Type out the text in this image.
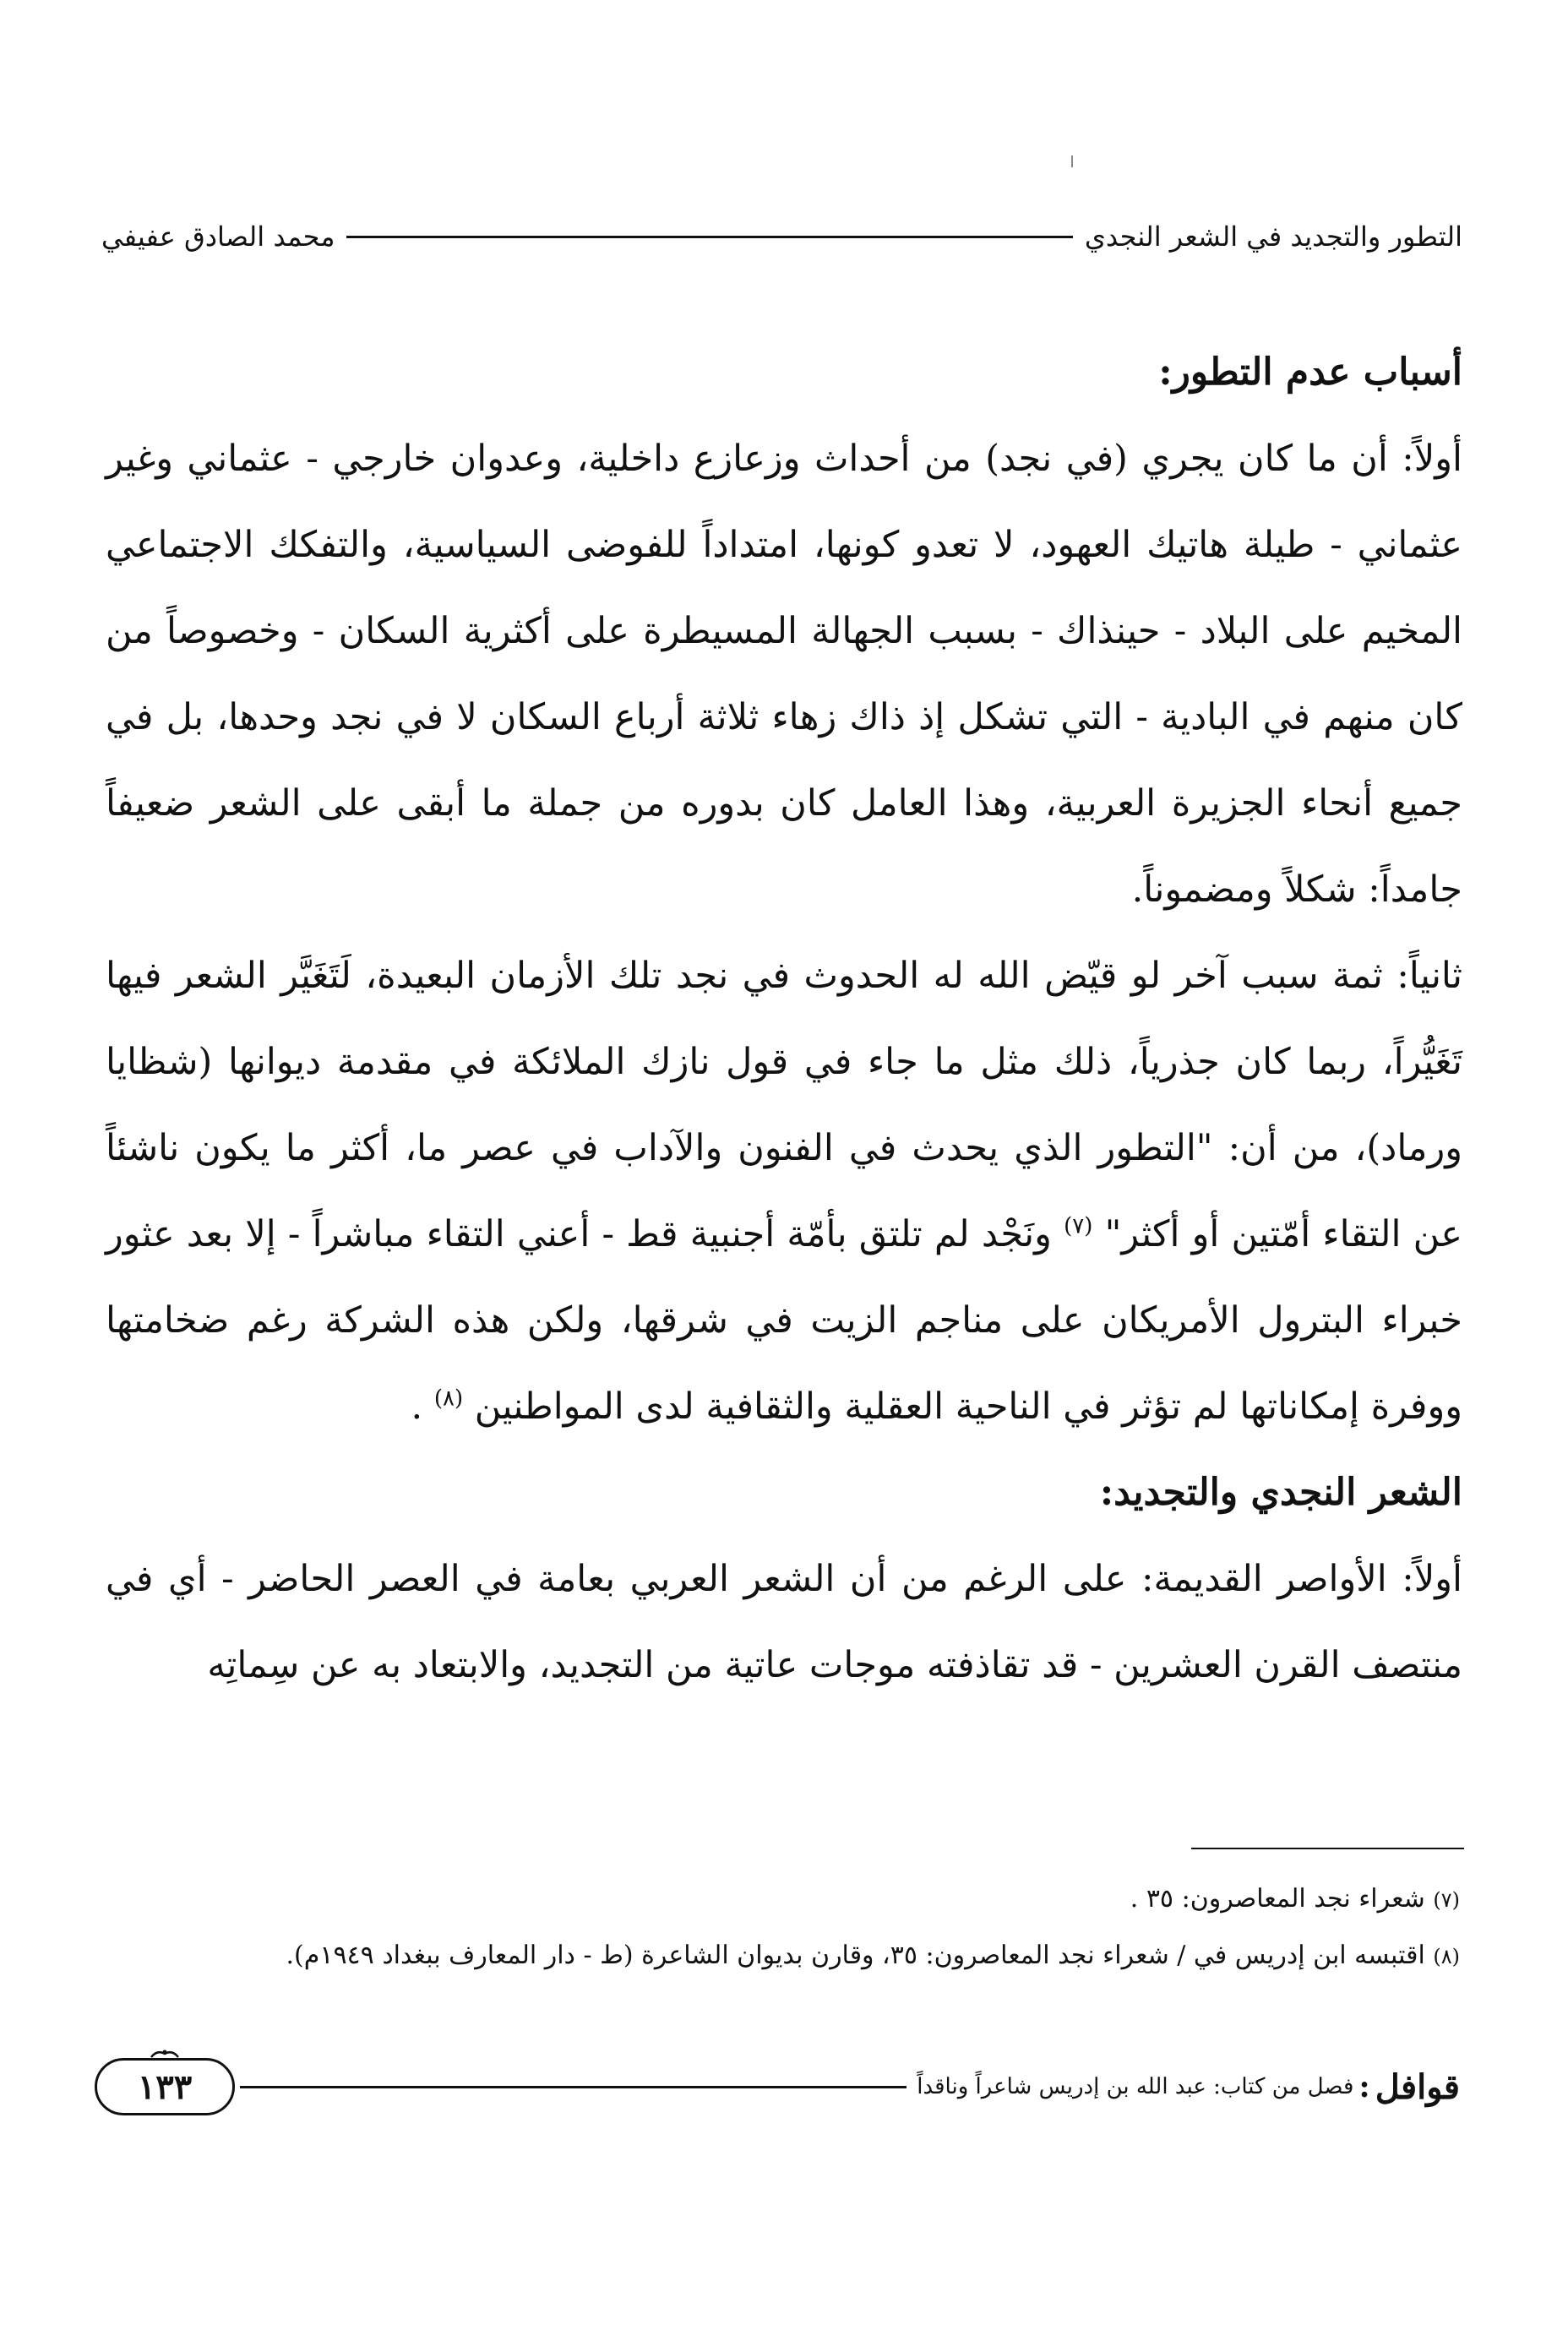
التطور والتجديد في الشعر النجدي
محمد الصادق عفيفي
أسباب عدم التطور:

أولاً: أن ما كان يجري (في نجد) من أحداث وزعازع داخلية، وعدوان خارجي - عثماني وغير عثماني - طيلة هاتيك العهود، لا تعدو كونها، امتداداً للفوضى السياسية، والتفكك الاجتماعي المخيم على البلاد - حينذاك - بسبب الجهالة المسيطرة على أكثرية السكان - وخصوصاً من كان منهم في البادية - التي تشكل إذ ذاك زهاء ثلاثة أرباع السكان لا في نجد وحدها، بل في جميع أنحاء الجزيرة العربية، وهذا العامل كان بدوره من جملة ما أبقى على الشعر ضعيفاً جامداً: شكلاً ومضموناً.

ثانياً: ثمة سبب آخر لو قيّض الله له الحدوث في نجد تلك الأزمان البعيدة، لَتَغَيَّر الشعر فيها تَغَيُّراً، ربما كان جذرياً، ذلك مثل ما جاء في قول نازك الملائكة في مقدمة ديوانها (شظايا ورماد)، من أن: "التطور الذي يحدث في الفنون والآداب في عصر ما، أكثر ما يكون ناشئاً عن التقاء أمّتين أو أكثر" $^{(٧)}$ ونَجْد لم تلتق بأمّة أجنبية قط - أعني التقاء مباشراً - إلا بعد عثور خبراء البترول الأمريكان على مناجم الزيت في شرقها، ولكن هذه الشركة رغم ضخامتها ووفرة إمكاناتها لم تؤثر في الناحية العقلية والثقافية لدى المواطنين $^{(٨)}$ .

الشعر النجدي والتجديد:

أولاً: الأواصر القديمة: على الرغم من أن الشعر العربي بعامة في العصر الحاضر - أي في منتصف القرن العشرين - قد تقاذفته موجات عاتية من التجديد، والابتعاد به عن سِماتِه

(٧) شعراء نجد المعاصرون: ٣٥ .

(٨) اقتبسه ابن إدريس في / شعراء نجد المعاصرون: ٣٥، وقارن بديوان الشاعرة (ط - دار المعارف ببغداد ١٩٤٩م).

قوافل
:
فصل من كتاب: عبد الله بن إدريس شاعراً وناقداً
١٣٣
